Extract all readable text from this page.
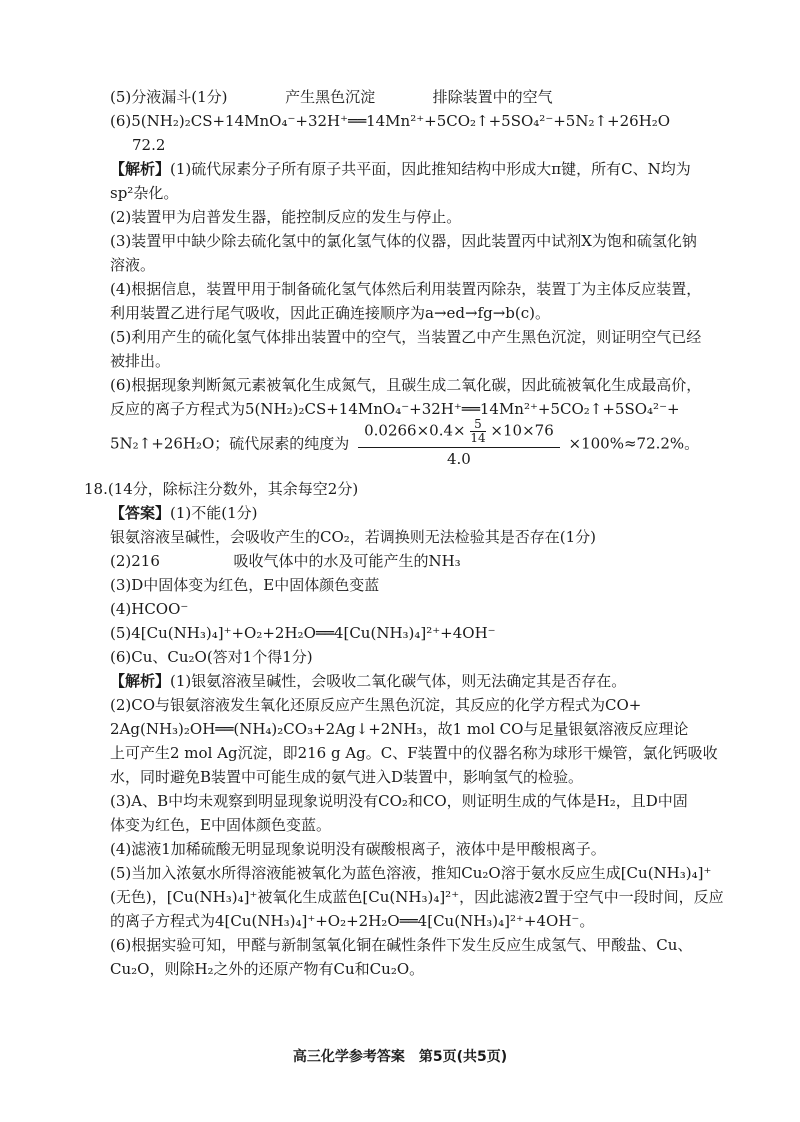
(5)分液漏斗(1分)	产生黑色沉淀	排除装置中的空气
(6)5(NH₂)₂CS+14MnO₄⁻+32H⁺══14Mn²⁺+5CO₂↑+5SO₄²⁻+5N₂↑+26H₂O
72.2
【解析】(1)硫代尿素分子所有原子共平面，因此推知结构中形成大π键，所有C、N均为
sp²杂化。
(2)装置甲为启普发生器，能控制反应的发生与停止。
(3)装置甲中缺少除去硫化氢中的氯化氢气体的仪器，因此装置丙中试剂X为饱和硫氢化钠
溶液。
(4)根据信息，装置甲用于制备硫化氢气体然后利用装置丙除杂，装置丁为主体反应装置，
利用装置乙进行尾气吸收，因此正确连接顺序为a→ed→fg→b(c)。
(5)利用产生的硫化氢气体排出装置中的空气，当装置乙中产生黑色沉淀，则证明空气已经
被排出。
(6)根据现象判断氮元素被氧化生成氮气，且碳生成二氧化碳，因此硫被氧化生成最高价，
反应的离子方程式为5(NH₂)₂CS+14MnO₄⁻+32H⁺══14Mn²⁺+5CO₂↑+5SO₄²⁻+
5N₂↑+26H₂O；硫代尿素的纯度为
$0.0266\times 0.4\times \frac{5}{14} \times 10\times 76$
4.0
×100%≈72.2%。
18.(14分，除标注分数外，其余每空2分)
【答案】(1)不能(1分)
银氨溶液呈碱性，会吸收产生的CO₂，若调换则无法检验其是否存在(1分)
(2)216	吸收气体中的水及可能产生的NH₃
(3)D中固体变为红色，E中固体颜色变蓝
(4)HCOO⁻
(5)4[Cu(NH₃)₄]⁺+O₂+2H₂O══4[Cu(NH₃)₄]²⁺+4OH⁻
(6)Cu、Cu₂O(答对1个得1分)
【解析】(1)银氨溶液呈碱性，会吸收二氧化碳气体，则无法确定其是否存在。
(2)CO与银氨溶液发生氧化还原反应产生黑色沉淀，其反应的化学方程式为CO+
2Ag(NH₃)₂OH══(NH₄)₂CO₃+2Ag↓+2NH₃，故1 mol CO与足量银氨溶液反应理论
上可产生2 mol Ag沉淀，即216 g Ag。C、F装置中的仪器名称为球形干燥管，氯化钙吸收
水，同时避免B装置中可能生成的氨气进入D装置中，影响氢气的检验。
(3)A、B中均未观察到明显现象说明没有CO₂和CO，则证明生成的气体是H₂，且D中固
体变为红色，E中固体颜色变蓝。
(4)滤液1加稀硫酸无明显现象说明没有碳酸根离子，液体中是甲酸根离子。
(5)当加入浓氨水所得溶液能被氧化为蓝色溶液，推知Cu₂O溶于氨水反应生成[Cu(NH₃)₄]⁺
(无色)，[Cu(NH₃)₄]⁺被氧化生成蓝色[Cu(NH₃)₄]²⁺，因此滤液2置于空气中一段时间，反应
的离子方程式为4[Cu(NH₃)₄]⁺+O₂+2H₂O══4[Cu(NH₃)₄]²⁺+4OH⁻。
(6)根据实验可知，甲醛与新制氢氧化铜在碱性条件下发生反应生成氢气、甲酸盐、Cu、
Cu₂O，则除H₂之外的还原产物有Cu和Cu₂O。
高三化学参考答案　第5页(共5页)
